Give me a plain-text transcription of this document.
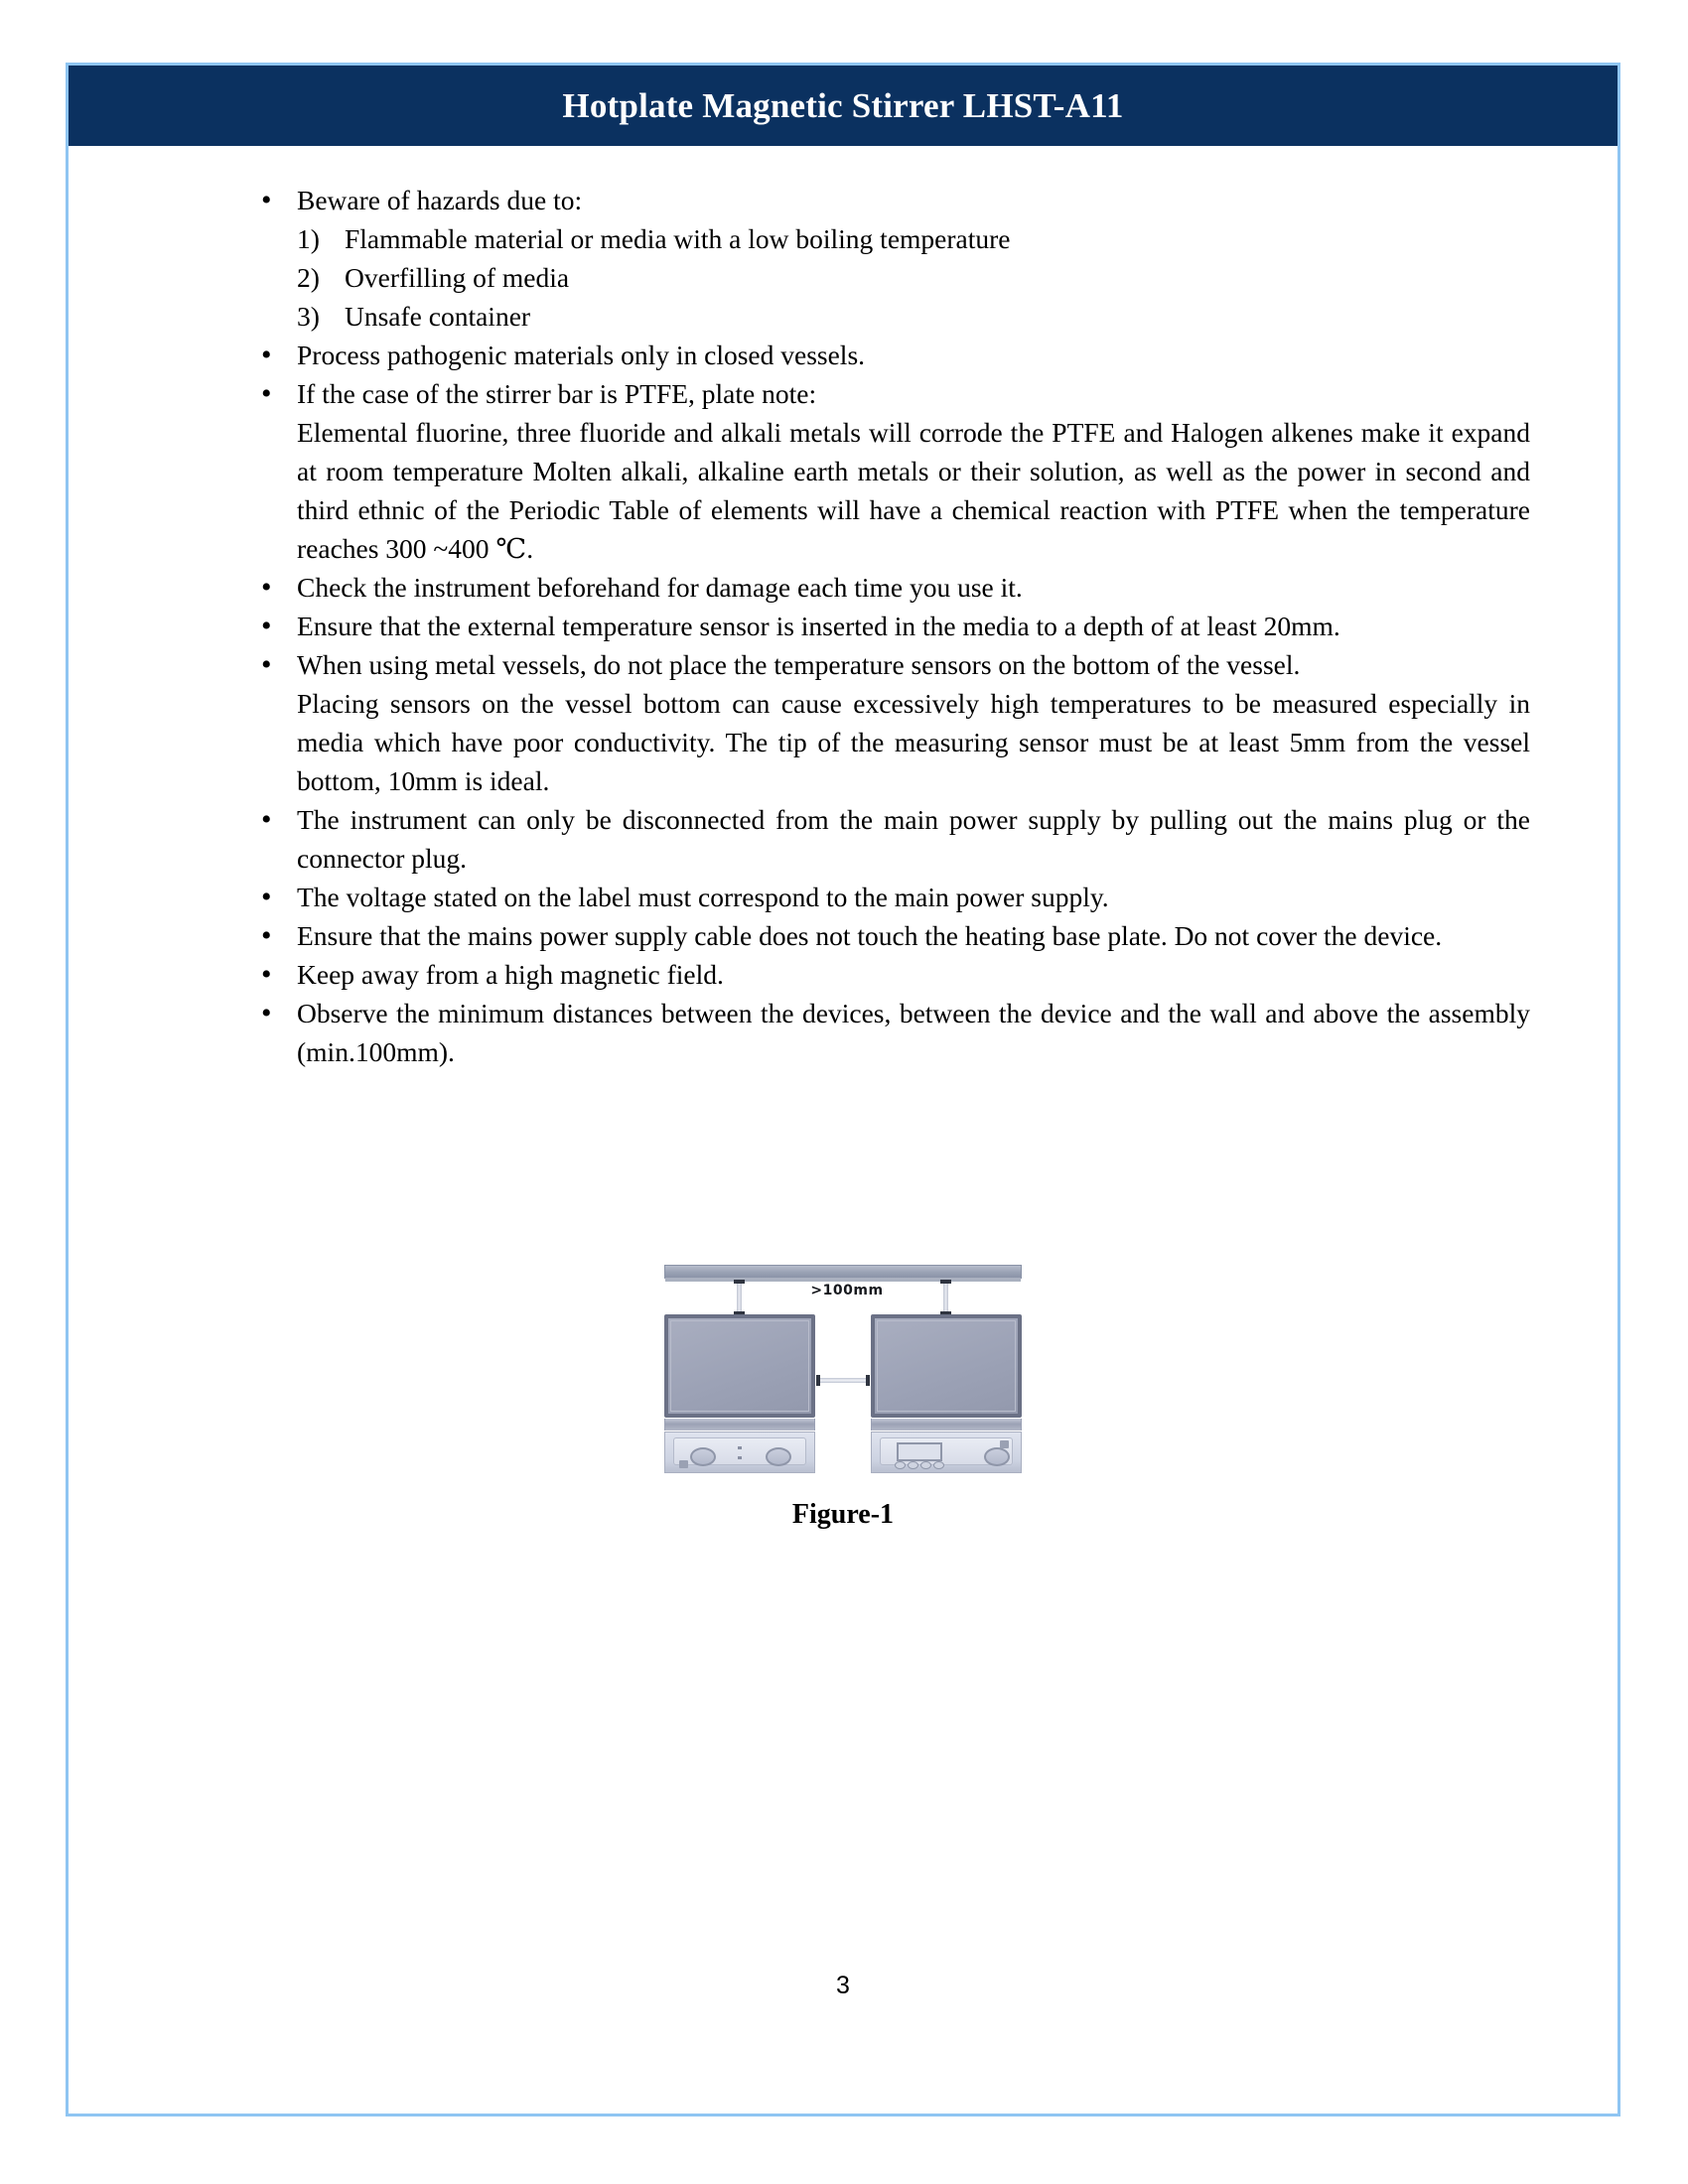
Hotplate Magnetic Stirrer LHST-A11
• Beware of hazards due to:
1) Flammable material or media with a low boiling temperature
2) Overfilling of media
3) Unsafe container
• Process pathogenic materials only in closed vessels.
• If the case of the stirrer bar is PTFE, plate note:
Elemental fluorine, three fluoride and alkali metals will corrode the PTFE and Halogen alkenes make it expand at room temperature Molten alkali, alkaline earth metals or their solution, as well as the power in second and third ethnic of the Periodic Table of elements will have a chemical reaction with PTFE when the temperature reaches 300 ~400 ℃.
• Check the instrument beforehand for damage each time you use it.
• Ensure that the external temperature sensor is inserted in the media to a depth of at least 20mm.
• When using metal vessels, do not place the temperature sensors on the bottom of the vessel.
Placing sensors on the vessel bottom can cause excessively high temperatures to be measured especially in media which have poor conductivity. The tip of the measuring sensor must be at least 5mm from the vessel bottom, 10mm is ideal.
• The instrument can only be disconnected from the main power supply by pulling out the mains plug or the connector plug.
• The voltage stated on the label must correspond to the main power supply.
• Ensure that the mains power supply cable does not touch the heating base plate. Do not cover the device.
• Keep away from a high magnetic field.
• Observe the minimum distances between the devices, between the device and the wall and above the assembly (min.100mm).
>100mm
Figure-1
3
